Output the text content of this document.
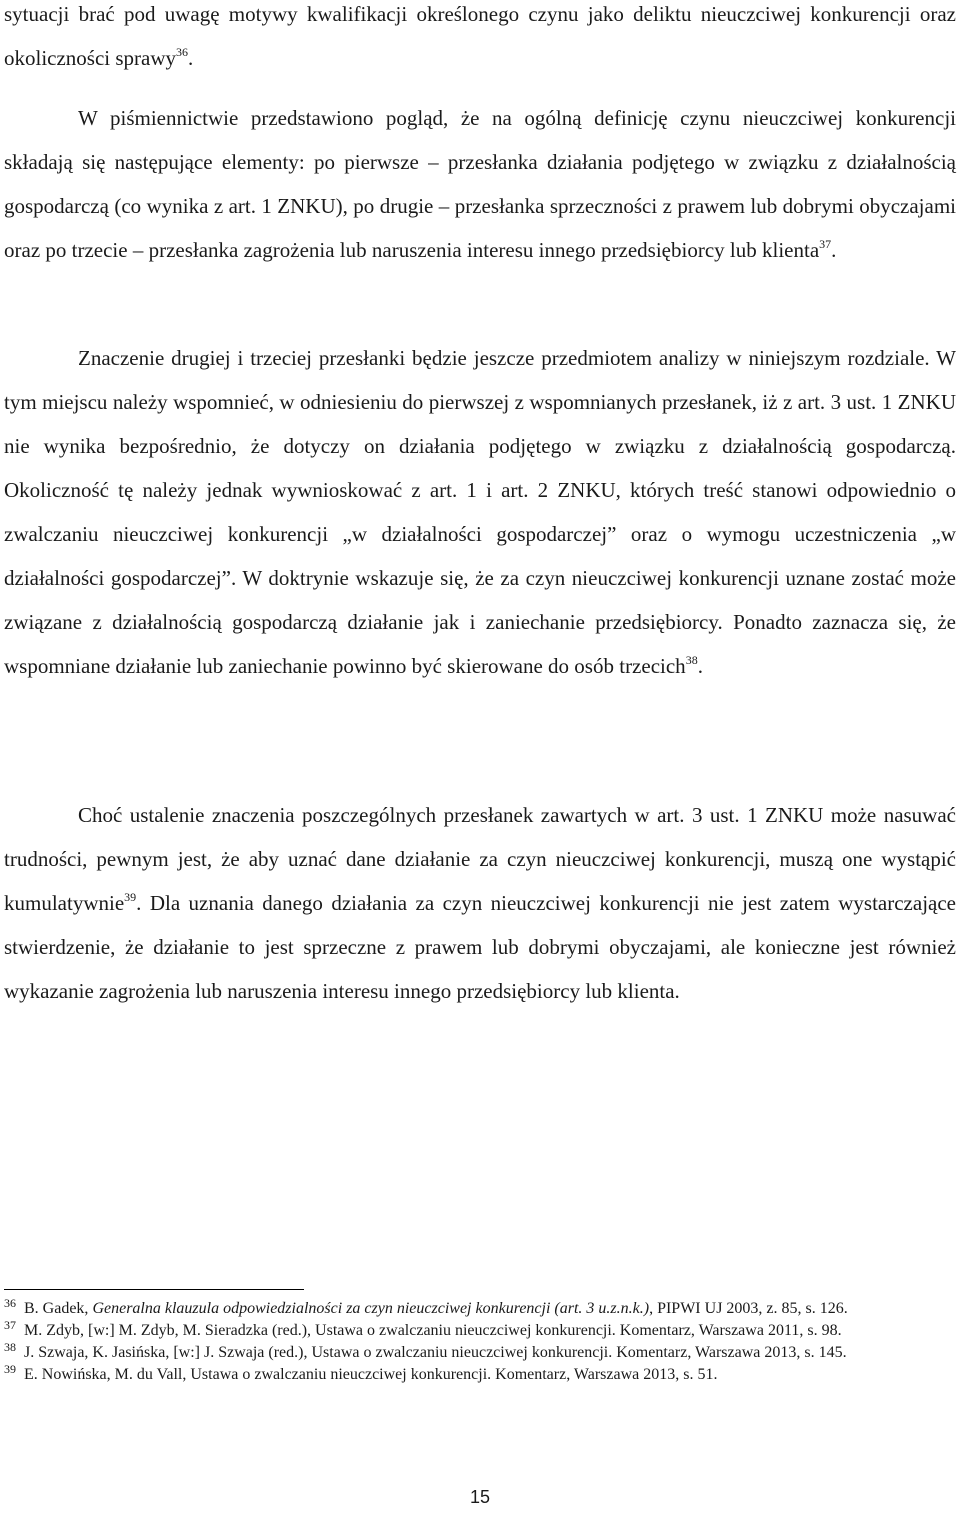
sytuacji brać pod uwagę motywy kwalifikacji określonego czynu jako deliktu nieuczciwej konkurencji oraz okoliczności sprawy$^{36}$.

W piśmiennictwie przedstawiono pogląd, że na ogólną definicję czynu nieuczciwej konkurencji składają się następujące elementy: po pierwsze – przesłanka działania podjętego w związku z działalnością gospodarczą (co wynika z art. 1 ZNKU), po drugie – przesłanka sprzeczności z prawem lub dobrymi obyczajami oraz po trzecie – przesłanka zagrożenia lub naruszenia interesu innego przedsiębiorcy lub klienta$^{37}$.

Znaczenie drugiej i trzeciej przesłanki będzie jeszcze przedmiotem analizy w niniejszym rozdziale. W tym miejscu należy wspomnieć, w odniesieniu do pierwszej z wspomnianych przesłanek, iż z art. 3 ust. 1 ZNKU nie wynika bezpośrednio, że dotyczy on działania podjętego w związku z działalnością gospodarczą. Okoliczność tę należy jednak wywnioskować z art. 1 i art. 2 ZNKU, których treść stanowi odpowiednio o zwalczaniu nieuczciwej konkurencji „w działalności gospodarczej” oraz o wymogu uczestniczenia „w działalności gospodarczej”. W doktrynie wskazuje się, że za czyn nieuczciwej konkurencji uznane zostać może związane z działalnością gospodarczą działanie jak i zaniechanie przedsiębiorcy. Ponadto zaznacza się, że wspomniane działanie lub zaniechanie powinno być skierowane do osób trzecich$^{38}$.

Choć ustalenie znaczenia poszczególnych przesłanek zawartych w art. 3 ust. 1 ZNKU może nasuwać trudności, pewnym jest, że aby uznać dane działanie za czyn nieuczciwej konkurencji, muszą one wystąpić kumulatywnie$^{39}$. Dla uznania danego działania za czyn nieuczciwej konkurencji nie jest zatem wystarczające stwierdzenie, że działanie to jest sprzeczne z prawem lub dobrymi obyczajami, ale konieczne jest również wykazanie zagrożenia lub naruszenia interesu innego przedsiębiorcy lub klienta.

$^{36}$ B. Gadek, Generalna klauzula odpowiedzialności za czyn nieuczciwej konkurencji (art. 3 u.z.n.k.), PIPWI UJ 2003, z. 85, s. 126.

$^{37}$ M. Zdyb, [w:] M. Zdyb, M. Sieradzka (red.), Ustawa o zwalczaniu nieuczciwej konkurencji. Komentarz, Warszawa 2011, s. 98.

$^{38}$ J. Szwaja, K. Jasińska, [w:] J. Szwaja (red.), Ustawa o zwalczaniu nieuczciwej konkurencji. Komentarz, Warszawa 2013, s. 145.

$^{39}$ E. Nowińska, M. du Vall, Ustawa o zwalczaniu nieuczciwej konkurencji. Komentarz, Warszawa 2013, s. 51.

15
